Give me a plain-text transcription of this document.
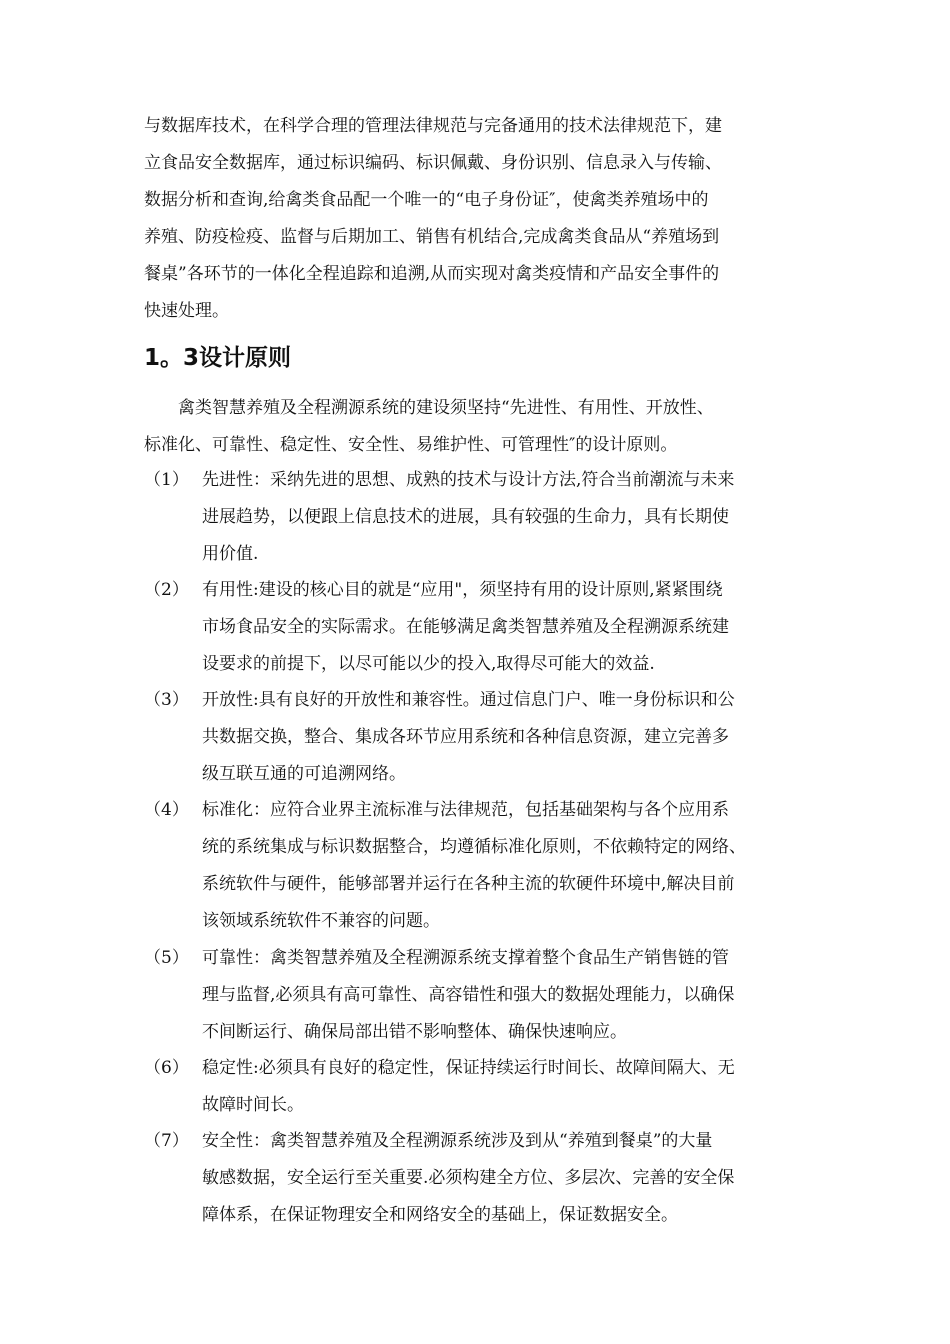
与数据库技术，在科学合理的管理法律规范与完备通用的技术法律规范下，建
立食品安全数据库，通过标识编码、标识佩戴、身份识别、信息录入与传输、
数据分析和查询,给禽类食品配一个唯一的“电子身份证″，使禽类养殖场中的
养殖、防疫检疫、监督与后期加工、销售有机结合,完成禽类食品从“养殖场到
餐桌”各环节的一体化全程追踪和追溯,从而实现对禽类疫情和产品安全事件的
快速处理。

1。3设计原则

禽类智慧养殖及全程溯源系统的建设须坚持“先进性、有用性、开放性、
标准化、可靠性、稳定性、安全性、易维护性、可管理性″的设计原则。

（1） 先进性：采纳先进的思想、成熟的技术与设计方法,符合当前潮流与未来
进展趋势，以便跟上信息技术的进展，具有较强的生命力，具有长期使
用价值.
（2） 有用性:建设的核心目的就是“应用"，须坚持有用的设计原则,紧紧围绕
市场食品安全的实际需求。在能够满足禽类智慧养殖及全程溯源系统建
设要求的前提下，以尽可能以少的投入,取得尽可能大的效益.
（3） 开放性:具有良好的开放性和兼容性。通过信息门户、唯一身份标识和公
共数据交换，整合、集成各环节应用系统和各种信息资源，建立完善多
级互联互通的可追溯网络。
（4） 标准化：应符合业界主流标准与法律规范，包括基础架构与各个应用系
统的系统集成与标识数据整合，均遵循标准化原则，不依赖特定的网络、
系统软件与硬件，能够部署并运行在各种主流的软硬件环境中,解决目前
该领域系统软件不兼容的问题。
（5） 可靠性：禽类智慧养殖及全程溯源系统支撑着整个食品生产销售链的管
理与监督,必须具有高可靠性、高容错性和强大的数据处理能力，以确保
不间断运行、确保局部出错不影响整体、确保快速响应。
（6） 稳定性:必须具有良好的稳定性，保证持续运行时间长、故障间隔大、无
故障时间长。
（7） 安全性：禽类智慧养殖及全程溯源系统涉及到从“养殖到餐桌”的大量
敏感数据，安全运行至关重要.必须构建全方位、多层次、完善的安全保
障体系，在保证物理安全和网络安全的基础上，保证数据安全。
